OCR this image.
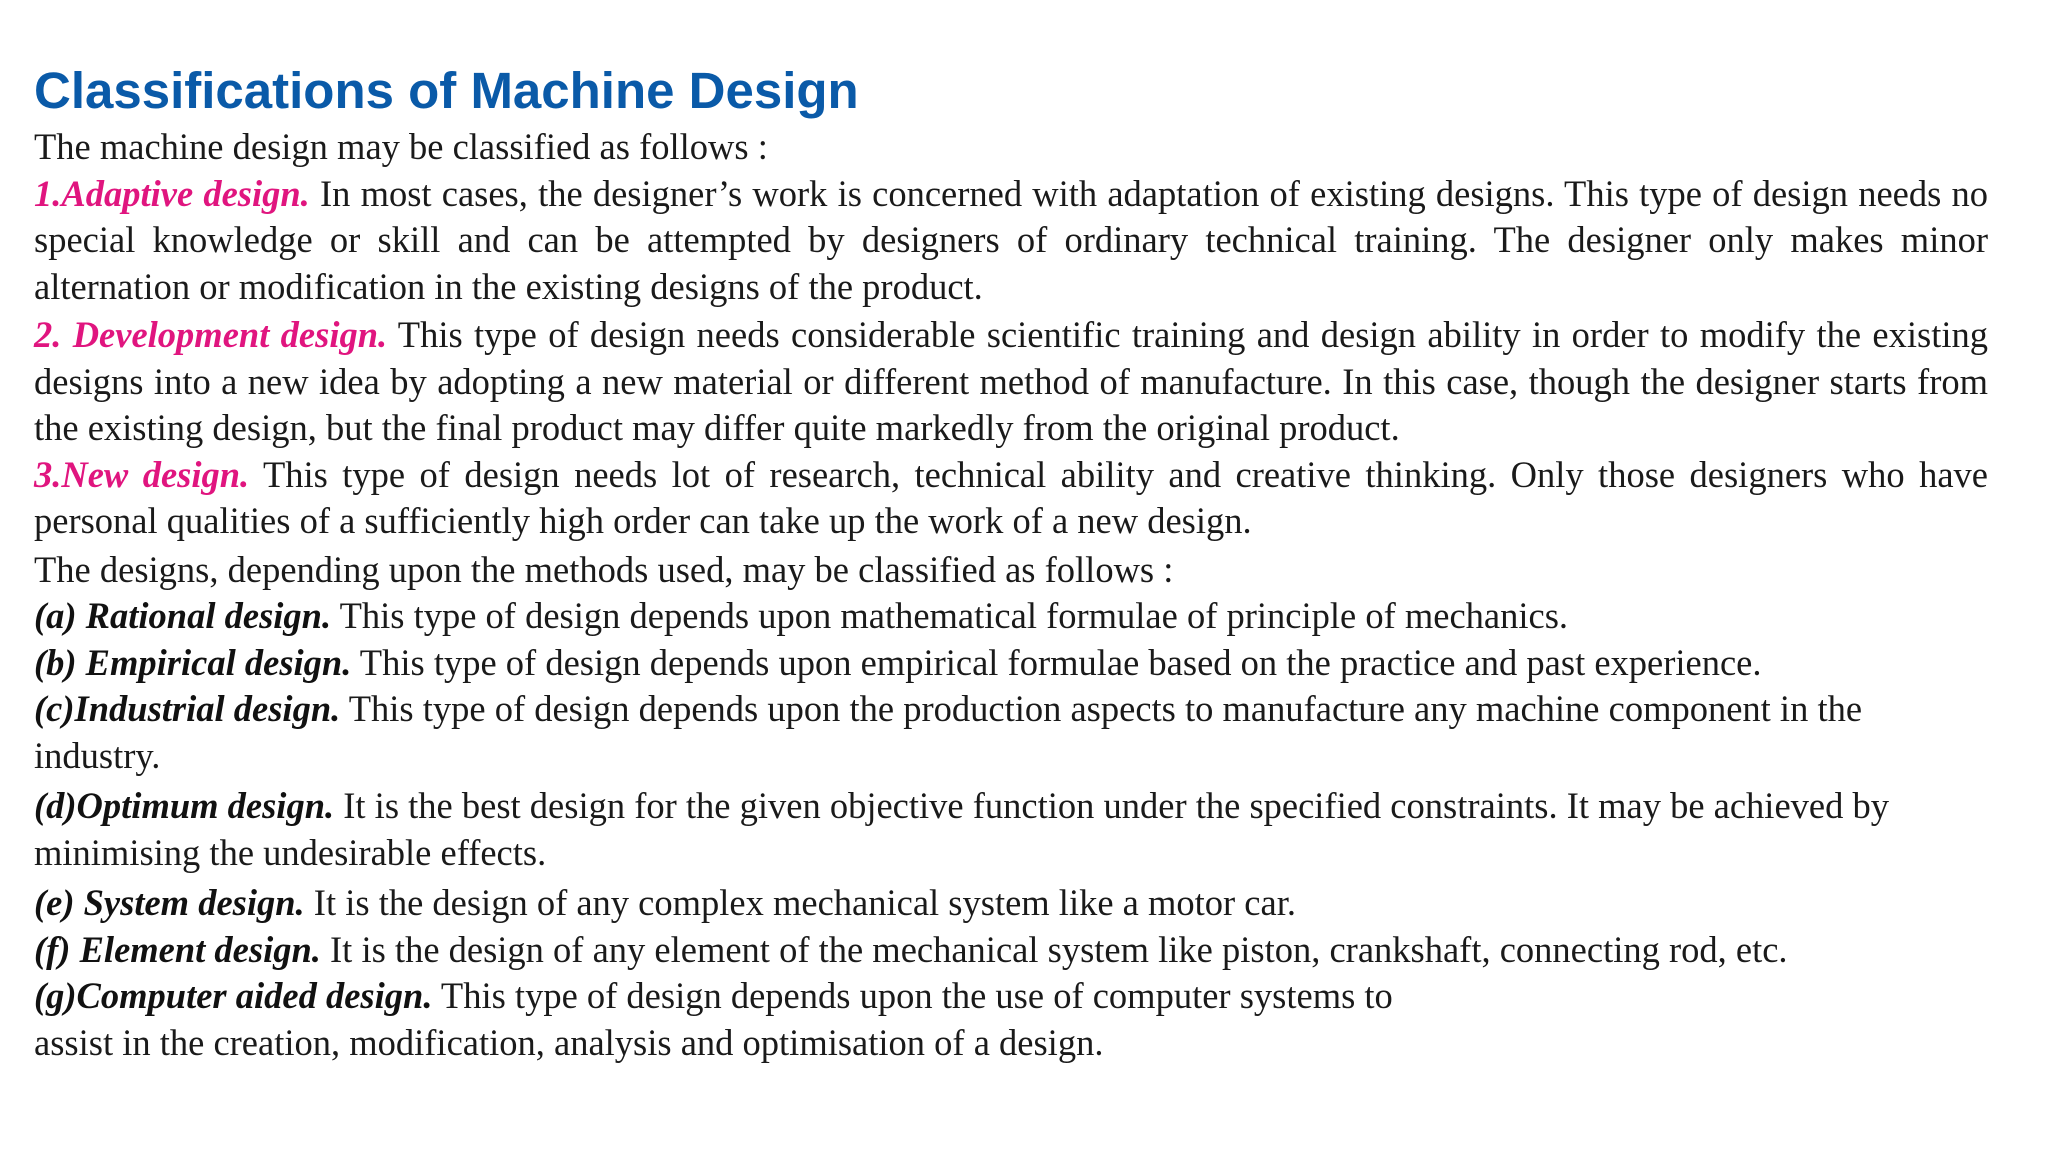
Classifications of Machine Design

The machine design may be classified as follows :

1.Adaptive design. In most cases, the designer’s work is concerned with adaptation of existing designs. This type of design needs no special knowledge or skill and can be attempted by designers of ordinary technical training. The designer only makes minor alternation or modification in the existing designs of the product.

2. Development design. This type of design needs considerable scientific training and design ability in order to modify the existing designs into a new idea by adopting a new material or different method of manufacture. In this case, though the designer starts from the existing design, but the final product may differ quite markedly from the original product.

3.New design. This type of design needs lot of research, technical ability and creative thinking. Only those designers who have personal qualities of a sufficiently high order can take up the work of a new design.

The designs, depending upon the methods used, may be classified as follows :

(a) Rational design. This type of design depends upon mathematical formulae of principle of mechanics.

(b) Empirical design. This type of design depends upon empirical formulae based on the practice and past experience.

(c)Industrial design. This type of design depends upon the production aspects to manufacture any machine component in the industry.

(d)Optimum design. It is the best design for the given objective function under the specified constraints. It may be achieved by minimising the undesirable effects.

(e) System design. It is the design of any complex mechanical system like a motor car.

(f) Element design. It is the design of any element of the mechanical system like piston, crankshaft, connecting rod, etc.

(g)Computer aided design. This type of design depends upon the use of computer systems to
assist in the creation, modification, analysis and optimisation of a design.
